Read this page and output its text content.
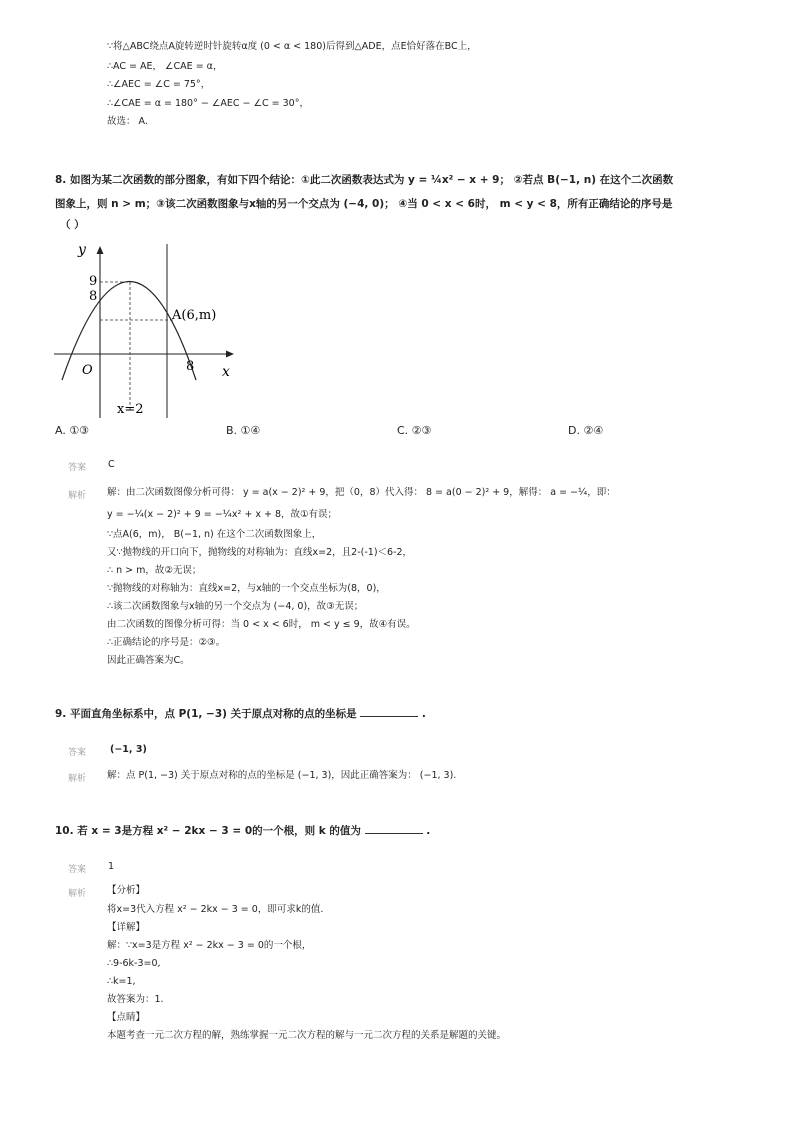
∵将△ABC绕点A旋转逆时针旋转α度 (0 < α < 180)后得到△ADE，点E恰好落在BC上，
∴AC = AE， ∠CAE = α，
∴∠AEC = ∠C = 75°，
∴∠CAE = α = 180° − ∠AEC − ∠C = 30°，
故选： A.
8. 如图为某二次函数的部分图象，有如下四个结论：①此二次函数表达式为 y = ¼x² − x + 9； ②若点 B(−1, n) 在这个二次函数
图象上，则 n > m；③该二次函数图象与x轴的另一个交点为 (−4, 0)； ④当 0 < x < 6时， m < y < 8，所有正确结论的序号是
（ ）
y
x
O
9
8
8
A(6,m)
x=2
A. ①③	B. ①④	C. ②③	D. ②④
答案 C
解析 解：由二次函数图像分析可得： y = a(x − 2)² + 9，把（0，8）代入得： 8 = a(0 − 2)² + 9，解得： a = −¼，即：
y = −¼(x − 2)² + 9 = −¼x² + x + 8，故①有误；
∵点A(6，m)， B(−1, n) 在这个二次函数图象上，
又∵抛物线的开口向下，抛物线的对称轴为：直线x=2，且2-(-1)＜6-2，
∴ n > m，故②无误；
∵抛物线的对称轴为：直线x=2，与x轴的一个交点坐标为(8，0)，
∴该二次函数图象与x轴的另一个交点为 (−4, 0)，故③无误；
由二次函数的图像分析可得：当 0 < x < 6时， m < y ≤ 9，故④有误。
∴正确结论的序号是：②③。
因此正确答案为C。
9. 平面直角坐标系中，点 P(1, −3) 关于原点对称的点的坐标是	.
答案	(−1, 3)
解析 解：点 P(1, −3) 关于原点对称的点的坐标是 (−1, 3)，因此正确答案为： (−1, 3).
10. 若 x = 3是方程 x² − 2kx − 3 = 0的一个根，则 k 的值为	.
答案 1
解析 【分析】
将x=3代入方程 x² − 2kx − 3 = 0，即可求k的值.
【详解】
解：∵x=3是方程 x² − 2kx − 3 = 0的一个根，
∴9-6k-3=0,
∴k=1,
故答案为：1.
【点睛】
本题考查一元二次方程的解，熟练掌握一元二次方程的解与一元二次方程的关系是解题的关键。
